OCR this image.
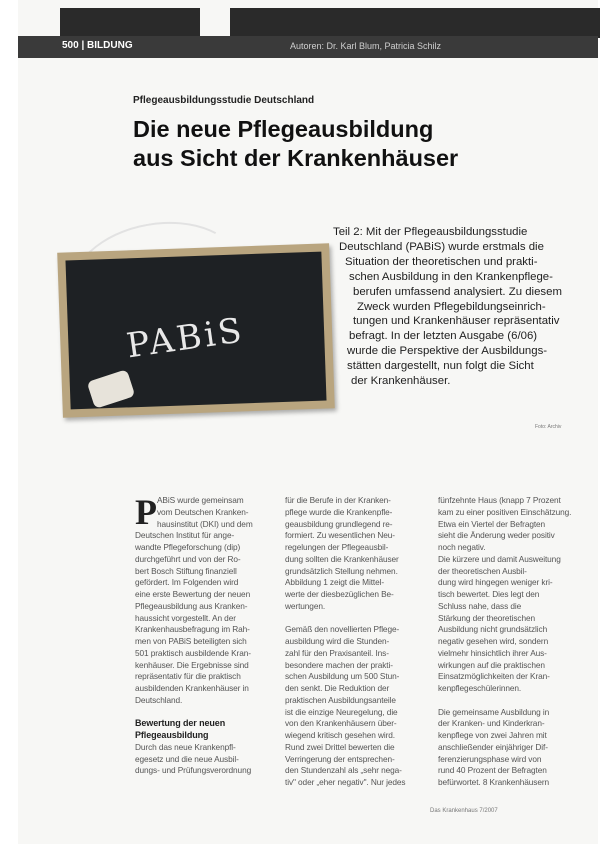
500 | BILDUNG	Autoren: Dr. Karl Blum, Patricia Schilz
Pflegeausbildungsstudie Deutschland
Die neue Pflegeausbildung
aus Sicht der Krankenhäuser
PABiS
Teil 2: Mit der Pflegeausbildungsstudie
Deutschland (PABiS) wurde erstmals die
Situation der theoretischen und prakti-
schen Ausbildung in den Krankenpflege-
berufen umfassend analysiert. Zu diesem
Zweck wurden Pflegebildungseinrich-
tungen und Krankenhäuser repräsentativ
befragt. In der letzten Ausgabe (6/06)
wurde die Perspektive der Ausbildungs-
stätten dargestellt, nun folgt die Sicht
der Krankenhäuser.
Foto: Archiv
P ABiS wurde gemeinsam
vom Deutschen Kranken-
hausinstitut (DKI) und dem
Deutschen Institut für ange-
wandte Pflegeforschung (dip)
durchgeführt und von der Ro-
bert Bosch Stiftung finanziell
gefördert. Im Folgenden wird
eine erste Bewertung der neuen
Pflegeausbildung aus Kranken-
haussicht vorgestellt. An der
Krankenhausbefragung im Rah-
men von PABiS beteiligten sich
501 praktisch ausbildende Kran-
kenhäuser. Die Ergebnisse sind
repräsentativ für die praktisch
ausbildenden Krankenhäuser in
Deutschland.

Bewertung der neuen
Pflegeausbildung
Durch das neue Krankenpfl-
egesetz und die neue Ausbil-
dungs- und Prüfungsverordnung
für die Berufe in der Kranken-
pflege wurde die Krankenpfle-
geausbildung grundlegend re-
formiert. Zu wesentlichen Neu-
regelungen der Pflegeausbil-
dung sollten die Krankenhäuser
grundsätzlich Stellung nehmen.
Abbildung 1 zeigt die Mittel-
werte der diesbezüglichen Be-
wertungen.

Gemäß den novellierten Pflege-
ausbildung wird die Stunden-
zahl für den Praxisanteil. Ins-
besondere machen der prakti-
schen Ausbildung um 500 Stun-
den senkt. Die Reduktion der
praktischen Ausbildungsanteile
ist die einzige Neuregelung, die
von den Krankenhäusern über-
wiegend kritisch gesehen wird.
Rund zwei Drittel bewerten die
Verringerung der entsprechen-
den Stundenzahl als „sehr nega-
tiv" oder „eher negativ". Nur jedes
fünfzehnte Haus (knapp 7 Prozent
kam zu einer positiven Einschätzung.
Etwa ein Viertel der Befragten
sieht die Änderung weder positiv
noch negativ.
Die kürzere und damit Ausweitung
der theoretischen Ausbil-
dung wird hingegen weniger kri-
tisch bewertet. Dies legt den
Schluss nahe, dass die
Stärkung der theoretischen
Ausbildung nicht grundsätzlich
negativ gesehen wird, sondern
vielmehr hinsichtlich ihrer Aus-
wirkungen auf die praktischen
Einsatzmöglichkeiten der Kran-
kenpflegeschülerinnen.

Die gemeinsame Ausbildung in
der Kranken- und Kinderkran-
kenpflege von zwei Jahren mit
anschließender einjähriger Dif-
ferenzierungsphase wird von
rund 40 Prozent der Befragten
befürwortet. 8 Krankenhäusern
Das Krankenhaus 7/2007
